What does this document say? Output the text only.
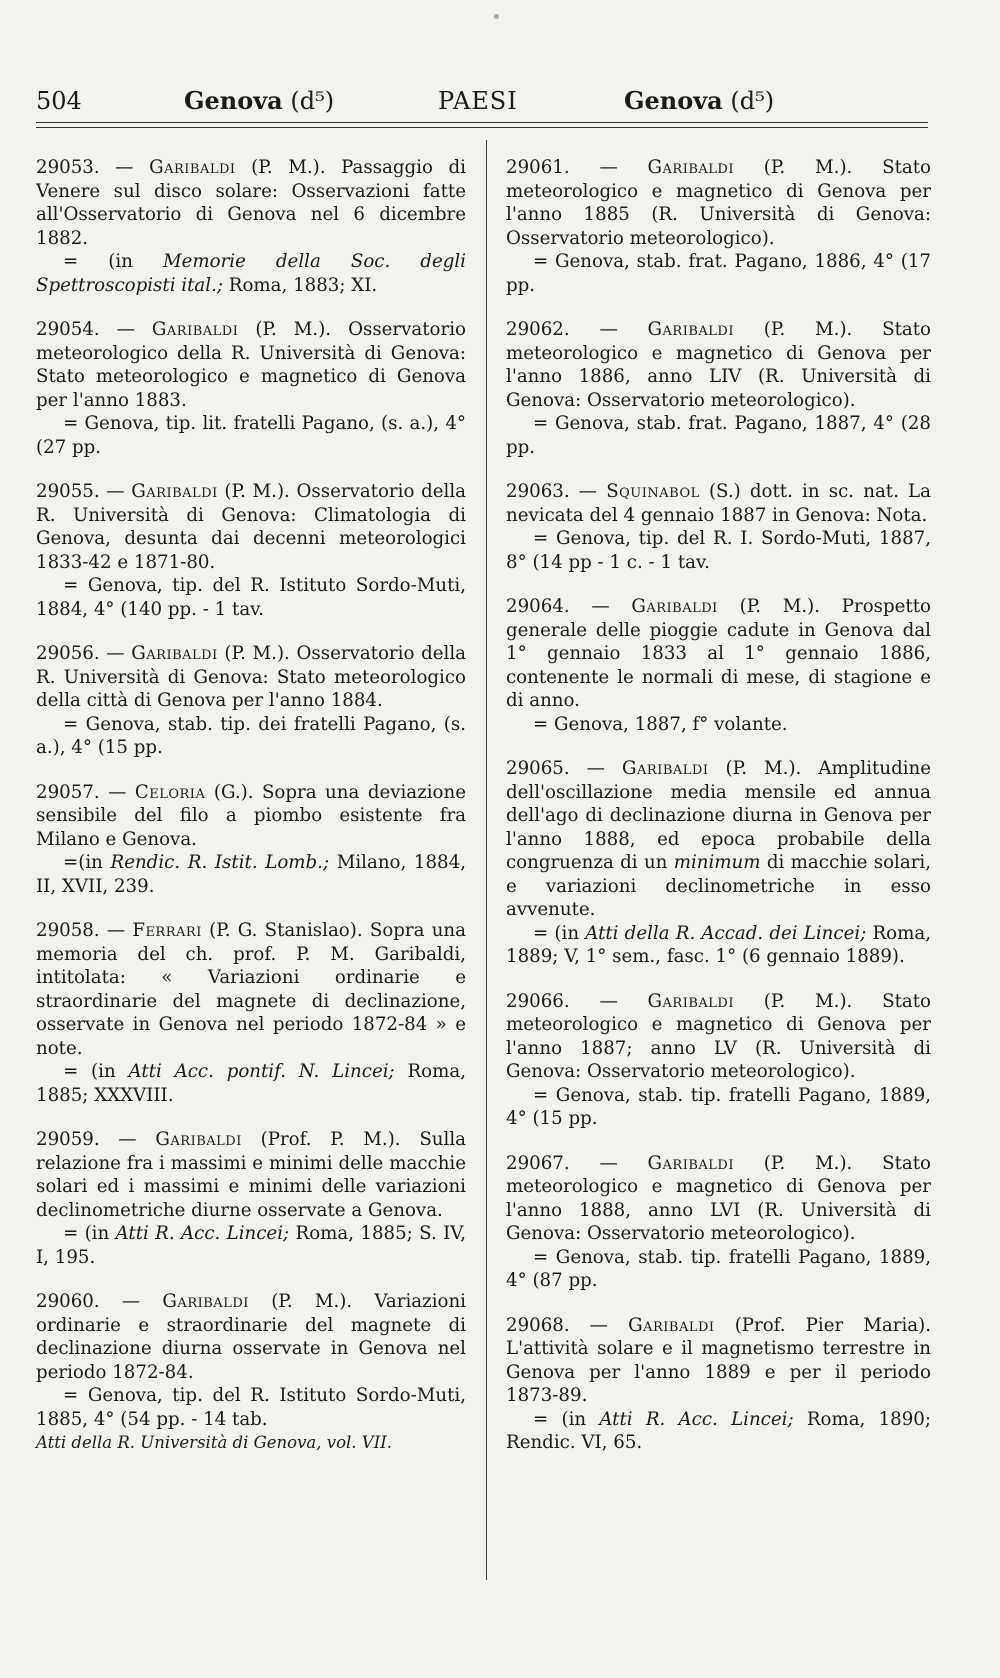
504	Genova (d⁵)	PAESI	Genova (d⁵)
29053. — Garibaldi (P. M.). Passaggio di Venere sul disco solare: Osservazioni fatte all'Osservatorio di Genova nel 6 dicembre 1882.
= (in Memorie della Soc. degli Spettroscopisti ital.; Roma, 1883; XI.
29054. — Garibaldi (P. M.). Osservatorio meteorologico della R. Università di Genova: Stato meteorologico e magnetico di Genova per l'anno 1883.
= Genova, tip. lit. fratelli Pagano, (s. a.), 4° (27 pp.
29055. — Garibaldi (P. M.). Osservatorio della R. Università di Genova: Climatologia di Genova, desunta dai decenni meteorologici 1833-42 e 1871-80.
= Genova, tip. del R. Istituto Sordo-Muti, 1884, 4° (140 pp. - 1 tav.
29056. — Garibaldi (P. M.). Osservatorio della R. Università di Genova: Stato meteorologico della città di Genova per l'anno 1884.
= Genova, stab. tip. dei fratelli Pagano, (s. a.), 4° (15 pp.
29057. — Celoria (G.). Sopra una deviazione sensibile del filo a piombo esistente fra Milano e Genova.
=(in Rendic. R. Istit. Lomb.; Milano, 1884, II, XVII, 239.
29058. — Ferrari (P. G. Stanislao). Sopra una memoria del ch. prof. P. M. Garibaldi, intitolata: « Variazioni ordinarie e straordinarie del magnete di declinazione, osservate in Genova nel periodo 1872-84 » e note.
= (in Atti Acc. pontif. N. Lincei; Roma, 1885; XXXVIII.
29059. — Garibaldi (Prof. P. M.). Sulla relazione fra i massimi e minimi delle macchie solari ed i massimi e minimi delle variazioni declinometriche diurne osservate a Genova.
= (in Atti R. Acc. Lincei; Roma, 1885; S. IV, I, 195.
29060. — Garibaldi (P. M.). Variazioni ordinarie e straordinarie del magnete di declinazione diurna osservate in Genova nel periodo 1872-84.
= Genova, tip. del R. Istituto Sordo-Muti, 1885, 4° (54 pp. - 14 tab.
Atti della R. Università di Genova, vol. VII.
29061. — Garibaldi (P. M.). Stato meteorologico e magnetico di Genova per l'anno 1885 (R. Università di Genova: Osservatorio meteorologico).
= Genova, stab. frat. Pagano, 1886, 4° (17 pp.
29062. — Garibaldi (P. M.). Stato meteorologico e magnetico di Genova per l'anno 1886, anno LIV (R. Università di Genova: Osservatorio meteorologico).
= Genova, stab. frat. Pagano, 1887, 4° (28 pp.
29063. — Squinabol (S.) dott. in sc. nat. La nevicata del 4 gennaio 1887 in Genova: Nota.
= Genova, tip. del R. I. Sordo-Muti, 1887, 8° (14 pp - 1 c. - 1 tav.
29064. — Garibaldi (P. M.). Prospetto generale delle pioggie cadute in Genova dal 1° gennaio 1833 al 1° gennaio 1886, contenente le normali di mese, di stagione e di anno.
= Genova, 1887, f° volante.
29065. — Garibaldi (P. M.). Amplitudine dell'oscillazione media mensile ed annua dell'ago di declinazione diurna in Genova per l'anno 1888, ed epoca probabile della congruenza di un minimum di macchie solari, e variazioni declinometriche in esso avvenute.
= (in Atti della R. Accad. dei Lincei; Roma, 1889; V, 1° sem., fasc. 1° (6 gennaio 1889).
29066. — Garibaldi (P. M.). Stato meteorologico e magnetico di Genova per l'anno 1887; anno LV (R. Università di Genova: Osservatorio meteorologico).
= Genova, stab. tip. fratelli Pagano, 1889, 4° (15 pp.
29067. — Garibaldi (P. M.). Stato meteorologico e magnetico di Genova per l'anno 1888, anno LVI (R. Università di Genova: Osservatorio meteorologico).
= Genova, stab. tip. fratelli Pagano, 1889, 4° (87 pp.
29068. — Garibaldi (Prof. Pier Maria). L'attività solare e il magnetismo terrestre in Genova per l'anno 1889 e per il periodo 1873-89.
= (in Atti R. Acc. Lincei; Roma, 1890; Rendic. VI, 65.
